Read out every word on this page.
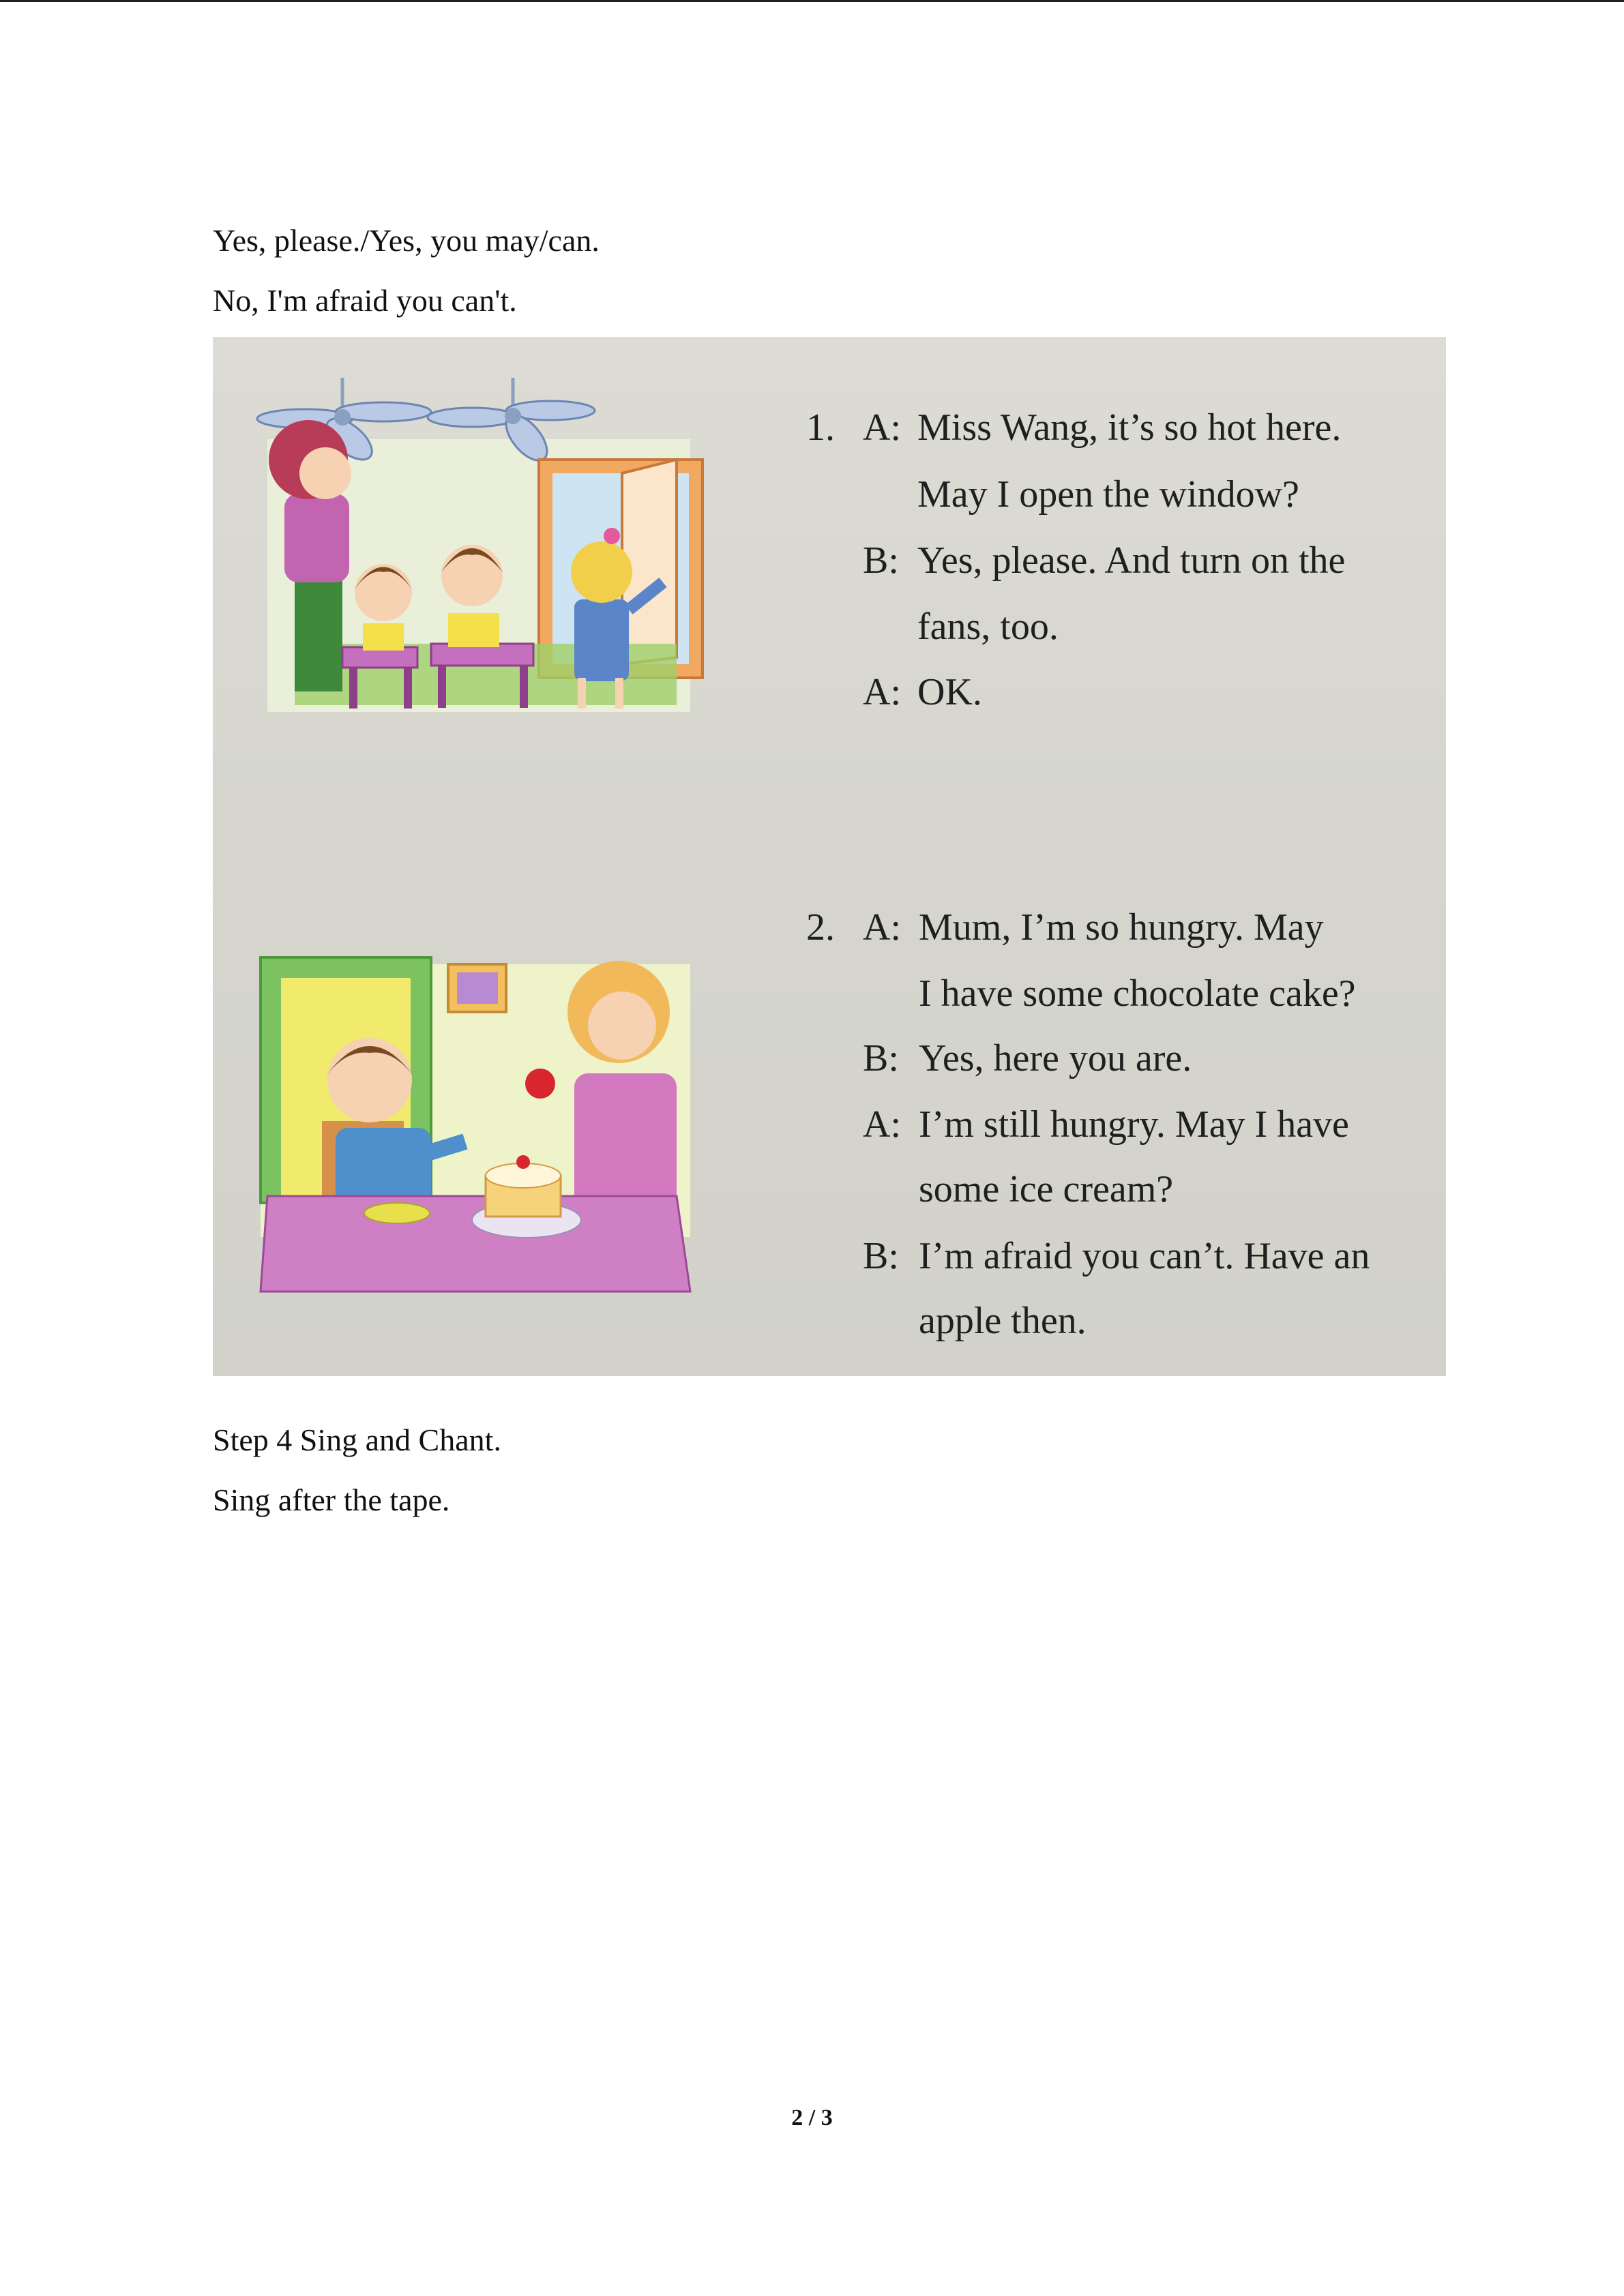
Yes, please./Yes, you may/can.
No, I'm afraid you can't.
1. A: Miss Wang, it’s so hot here.
May I open the window?
B: Yes, please. And turn on the
fans, too.
A: OK.
2. A: Mum, I’m so hungry. May
I have some chocolate cake?
B: Yes, here you are.
A: I’m still hungry. May I have
some ice cream?
B: I’m afraid you can’t. Have an
apple then.
Step 4 Sing and Chant.
Sing after the tape.
2 / 3
